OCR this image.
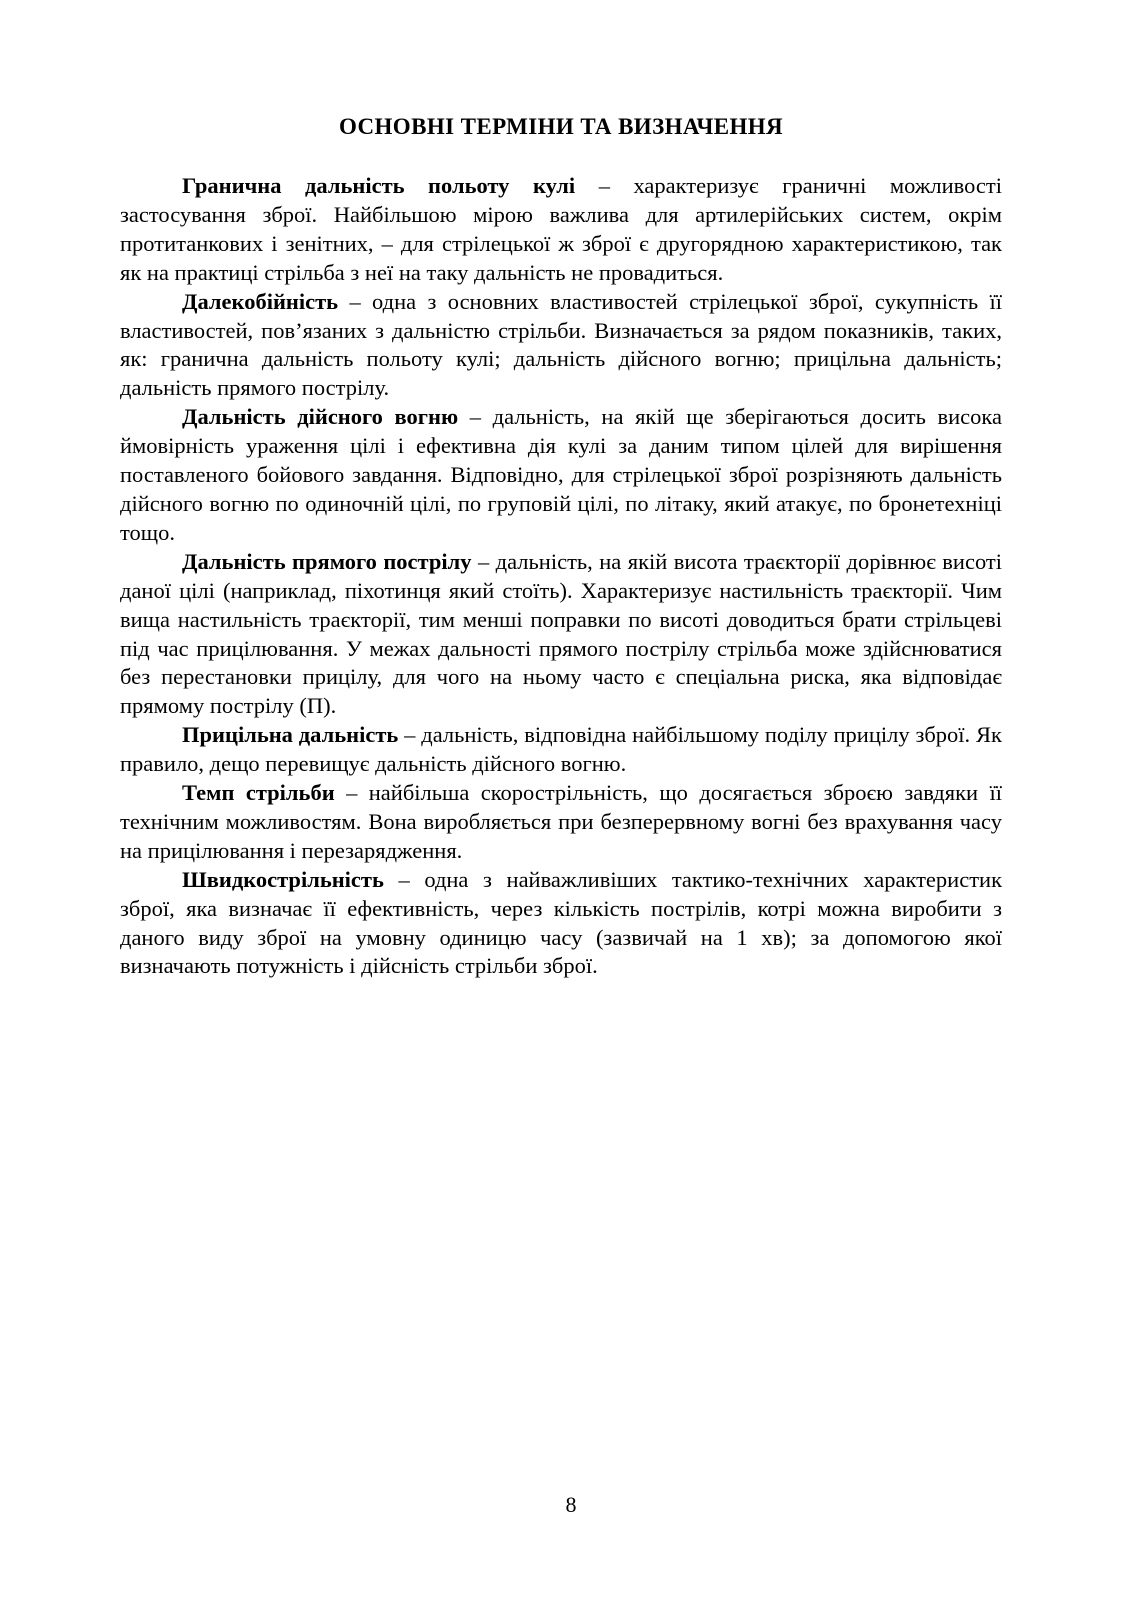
ОСНОВНІ ТЕРМІНИ ТА ВИЗНАЧЕННЯ

Гранична дальність польоту кулі – характеризує граничні можливості застосування зброї. Найбільшою мірою важлива для артилерійських систем, окрім протитанкових і зенітних, – для стрілецької ж зброї є другорядною характеристикою, так як на практиці стрільба з неї на таку дальність не провадиться.

Далекобійність – одна з основних властивостей стрілецької зброї, сукупність її властивостей, пов’язаних з дальністю стрільби. Визначається за рядом показників, таких, як: гранична дальність польоту кулі; дальність дійсного вогню; прицільна дальність; дальність прямого пострілу.

Дальність дійсного вогню – дальність, на якій ще зберігаються досить висока ймовірність ураження цілі і ефективна дія кулі за даним типом цілей для вирішення поставленого бойового завдання. Відповідно, для стрілецької зброї розрізняють дальність дійсного вогню по одиночній цілі, по груповій цілі, по літаку, який атакує, по бронетехніці тощо.

Дальність прямого пострілу – дальність, на якій висота траєкторії дорівнює висоті даної цілі (наприклад, піхотинця який стоїть). Характеризує настильність траєкторії. Чим вища настильність траєкторії, тим менші поправки по висоті доводиться брати стрільцеві під час прицілювання. У межах дальності прямого пострілу стрільба може здійснюватися без перестановки прицілу, для чого на ньому часто є спеціальна риска, яка відповідає прямому пострілу (П).

Прицільна дальність – дальність, відповідна найбільшому поділу прицілу зброї. Як правило, дещо перевищує дальність дійсного вогню.

Темп стрільби – найбільша скорострільність, що досягається зброєю завдяки її технічним можливостям. Вона виробляється при безперервному вогні без врахування часу на прицілювання і перезарядження.

Швидкострільність – одна з найважливіших тактико-технічних характеристик зброї, яка визначає її ефективність, через кількість пострілів, котрі можна виробити з даного виду зброї на умовну одиницю часу (зазвичай на 1 хв); за допомогою якої визначають потужність і дійсність стрільби зброї.

8
